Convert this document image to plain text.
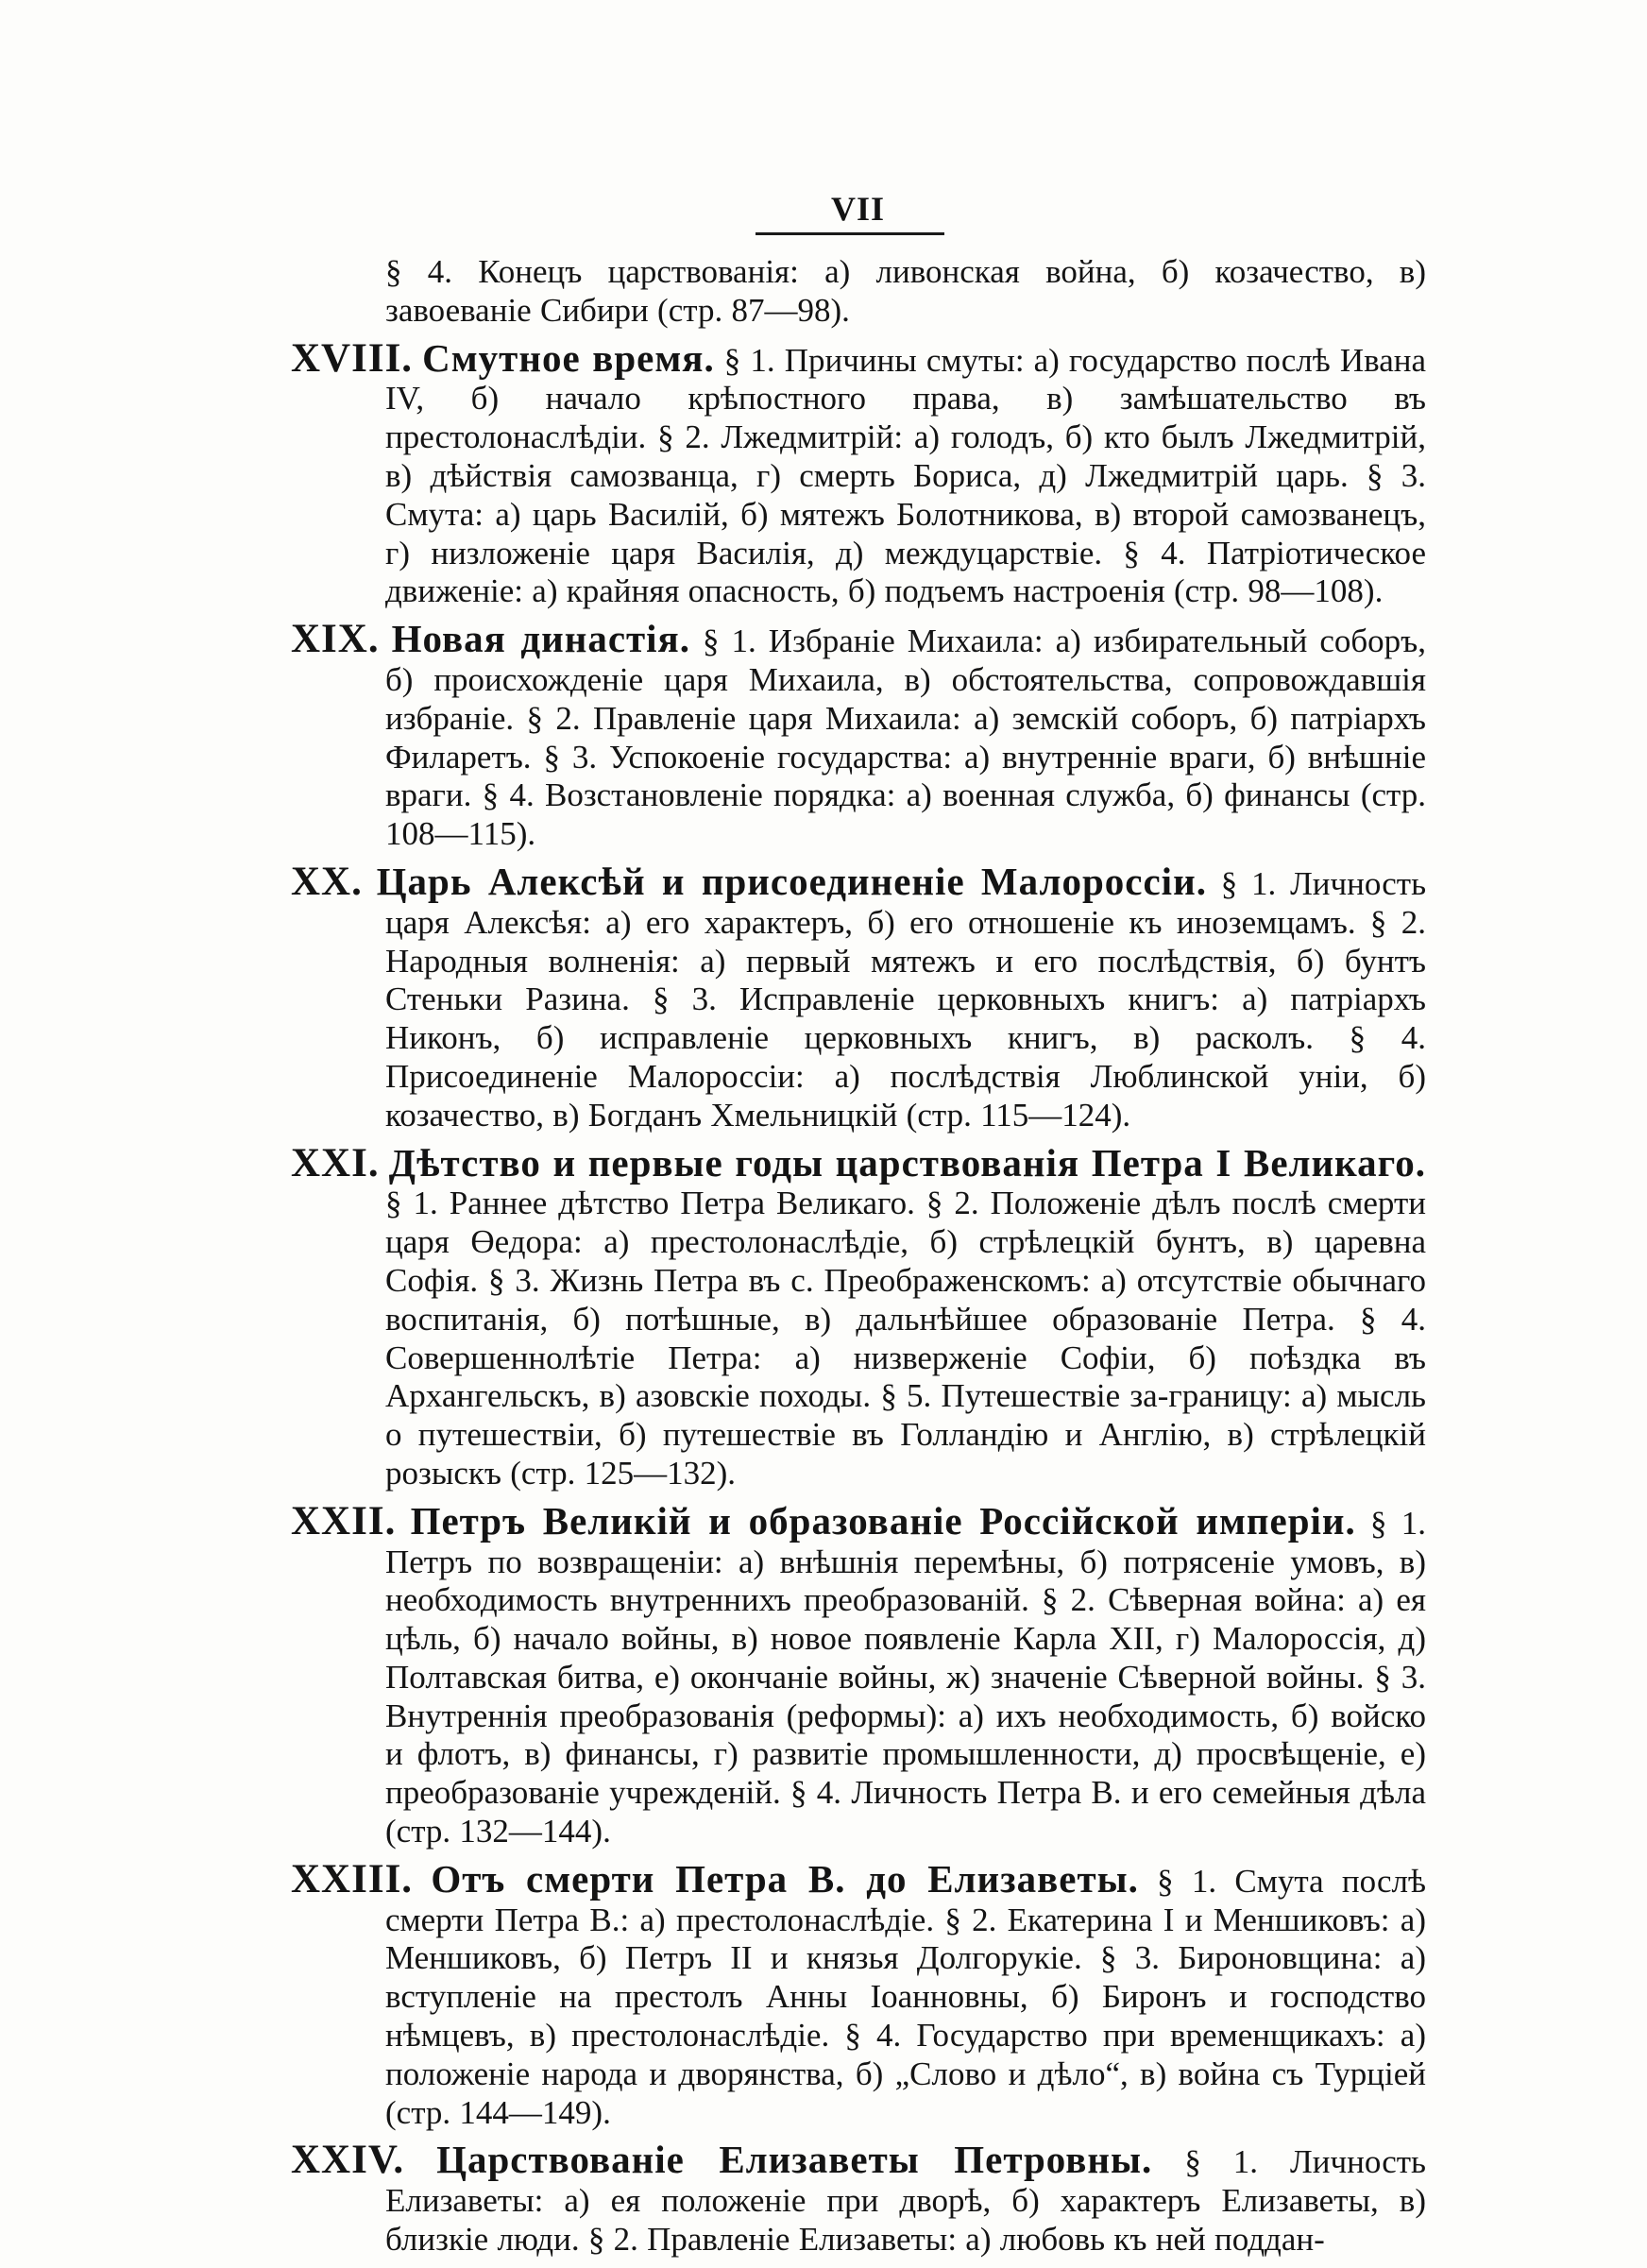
VII

§ 4. Конецъ царствованія: а) ливонская война, б) козачество, в) завоеваніе Сибири (стр. 87—98).

XVIII. Смутное время. § 1. Причины смуты: а) государство послѣ Ивана IV, б) начало крѣпостного права, в) замѣшательство въ престолонаслѣдіи. § 2. Лжедмитрій: а) голодъ, б) кто былъ Лжедмитрій, в) дѣйствія самозванца, г) смерть Бориса, д) Лжедмитрій царь. § 3. Смута: а) царь Василій, б) мятежъ Болотникова, в) второй самозванецъ, г) низложеніе царя Василія, д) междуцарствіе. § 4. Патріотическое движеніе: а) крайняя опасность, б) подъемъ настроенія (стр. 98—108).

XIX. Новая династія. § 1. Избраніе Михаила: а) избирательный соборъ, б) происхожденіе царя Михаила, в) обстоятельства, сопровождавшія избраніе. § 2. Правленіе царя Михаила: а) земскій соборъ, б) патріархъ Филаретъ. § 3. Успокоеніе государства: а) внутренніе враги, б) внѣшніе враги. § 4. Возстановленіе порядка: а) военная служба, б) финансы (стр. 108—115).

XX. Царь Алексѣй и присоединеніе Малороссіи. § 1. Личность царя Алексѣя: а) его характеръ, б) его отношеніе къ иноземцамъ. § 2. Народныя волненія: а) первый мятежъ и его послѣдствія, б) бунтъ Стеньки Разина. § 3. Исправленіе церковныхъ книгъ: а) патріархъ Никонъ, б) исправленіе церковныхъ книгъ, в) расколъ. § 4. Присоединеніе Малороссіи: а) послѣдствія Люблинской уніи, б) козачество, в) Богданъ Хмельницкій (стр. 115—124).

XXI. Дѣтство и первые годы царствованія Петра I Великаго. § 1. Раннее дѣтство Петра Великаго. § 2. Положеніе дѣлъ послѣ смерти царя Өедора: а) престолонаслѣдіе, б) стрѣлецкій бунтъ, в) царевна Софія. § 3. Жизнь Петра въ с. Преображенскомъ: а) отсутствіе обычнаго воспитанія, б) потѣшные, в) дальнѣйшее образованіе Петра. § 4. Совершеннолѣтіе Петра: а) низверженіе Софіи, б) поѣздка въ Архангельскъ, в) азовскіе походы. § 5. Путешествіе за-границу: а) мысль о путешествіи, б) путешествіе въ Голландію и Англію, в) стрѣлецкій розыскъ (стр. 125—132).

XXII. Петръ Великій и образованіе Россійской имперіи. § 1. Петръ по возвращеніи: а) внѣшнія перемѣны, б) потрясеніе умовъ, в) необходимость внутреннихъ преобразованій. § 2. Сѣверная война: а) ея цѣль, б) начало войны, в) новое появленіе Карла XII, г) Малороссія, д) Полтавская битва, е) окончаніе войны, ж) значеніе Сѣверной войны. § 3. Внутреннія преобразованія (реформы): а) ихъ необходимость, б) войско и флотъ, в) финансы, г) развитіе промышленности, д) просвѣщеніе, е) преобразованіе учрежденій. § 4. Личность Петра В. и его семейныя дѣла (стр. 132—144).

XXIII. Отъ смерти Петра В. до Елизаветы. § 1. Смута послѣ смерти Петра В.: а) престолонаслѣдіе. § 2. Екатерина I и Меншиковъ: а) Меншиковъ, б) Петръ II и князья Долгорукіе. § 3. Бироновщина: а) вступленіе на престолъ Анны Іоанновны, б) Биронъ и господство нѣмцевъ, в) престолонаслѣдіе. § 4. Государство при временщикахъ: а) положеніе народа и дворянства, б) „Слово и дѣло“, в) война съ Турціей (стр. 144—149).

XXIV. Царствованіе Елизаветы Петровны. § 1. Личность Елизаветы: а) ея положеніе при дворѣ, б) характеръ Елизаветы, в) близкіе люди. § 2. Правленіе Елизаветы: а) любовь къ ней поддан-
